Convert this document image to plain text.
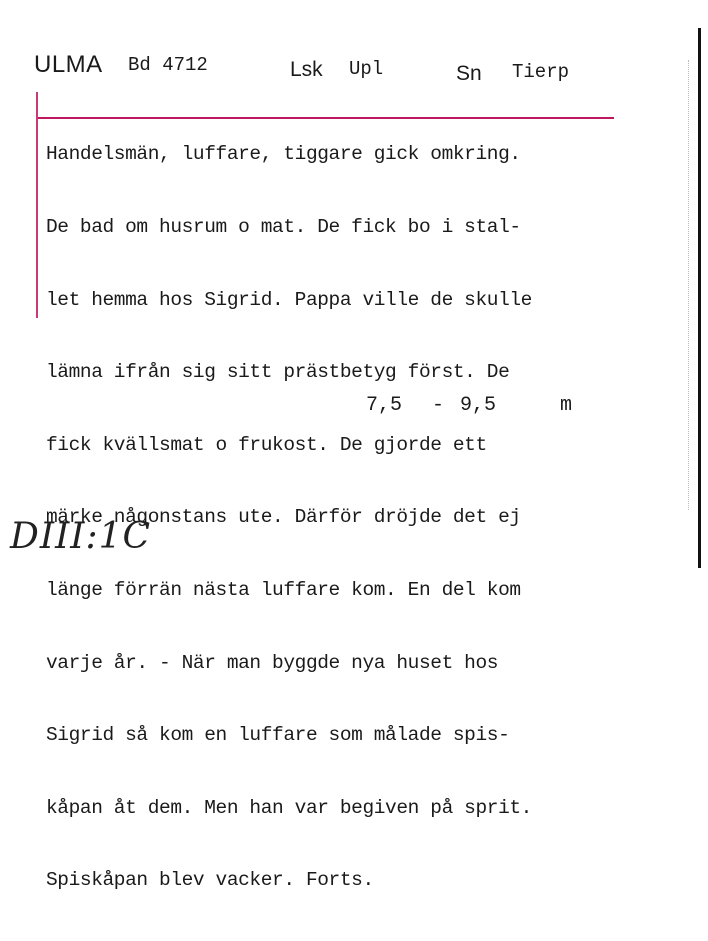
ULMA Bd 4712	Lsk Upl	Sn Tierp

Handelsmän, luffare, tiggare gick omkring.

De bad om husrum o mat. De fick bo i stal-

let hemma hos Sigrid. Pappa ville de skulle

lämna ifrån sig sitt prästbetyg först. De

fick kvällsmat o frukost. De gjorde ett

märke någonstans ute. Därför dröjde det ej

länge förrän nästa luffare kom. En del kom

varje år. - När man byggde nya huset hos

Sigrid så kom en luffare som målade spis-

kåpan åt dem. Men han var begiven på sprit.

Spiskåpan blev vacker. Forts.

7,5 - 9,5	m
DIII:1C
